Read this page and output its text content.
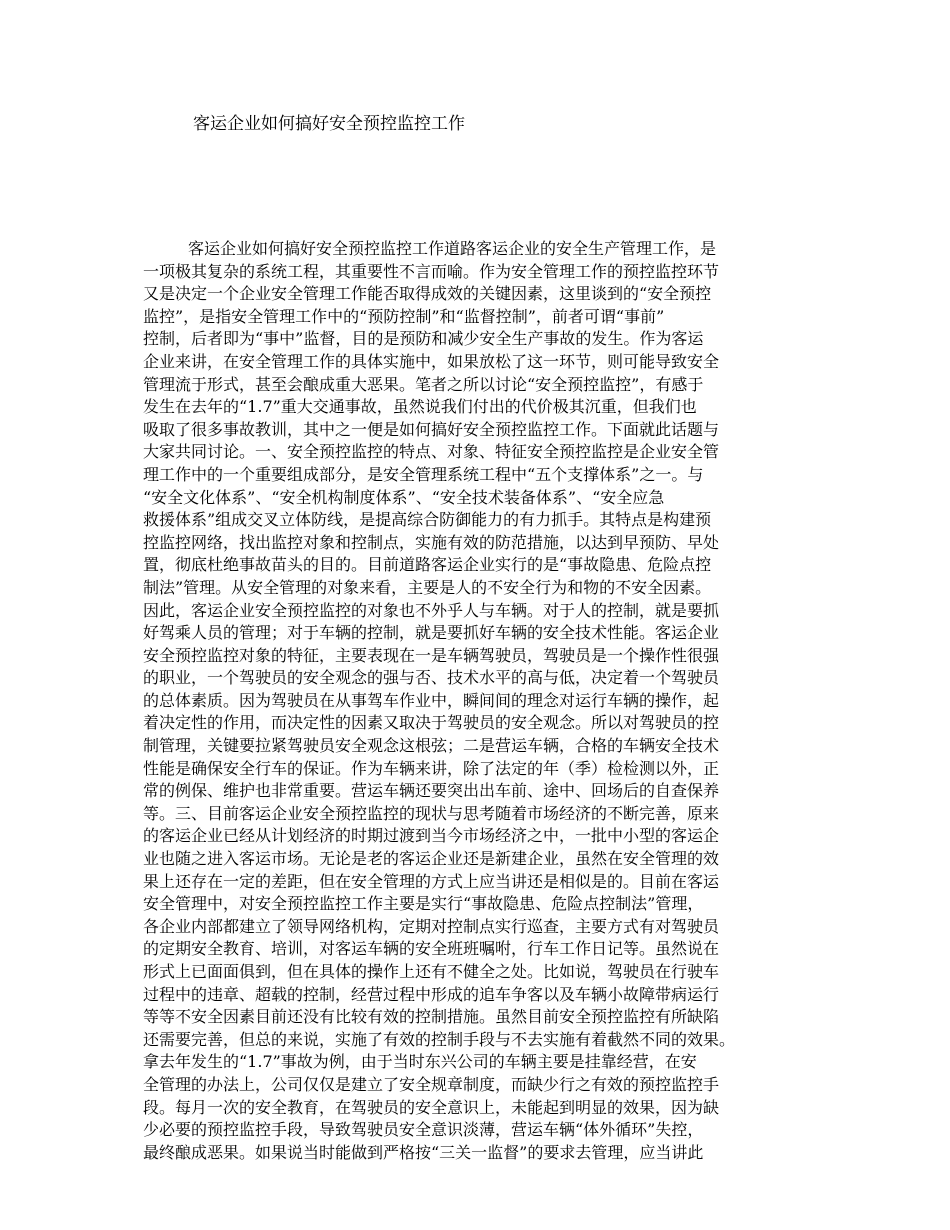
客运企业如何搞好安全预控监控工作
客运企业如何搞好安全预控监控工作道路客运企业的安全生产管理工作，是
一项极其复杂的系统工程，其重要性不言而喻。作为安全管理工作的预控监控环节
又是决定一个企业安全管理工作能否取得成效的关键因素，这里谈到的“安全预控
监控”，是指安全管理工作中的“预防控制”和“监督控制”，前者可谓“事前”
控制，后者即为“事中”监督，目的是预防和减少安全生产事故的发生。作为客运
企业来讲，在安全管理工作的具体实施中，如果放松了这一环节，则可能导致安全
管理流于形式，甚至会酿成重大恶果。笔者之所以讨论“安全预控监控”，有感于
发生在去年的“1.7”重大交通事故，虽然说我们付出的代价极其沉重，但我们也
吸取了很多事故教训，其中之一便是如何搞好安全预控监控工作。下面就此话题与
大家共同讨论。一、安全预控监控的特点、对象、特征安全预控监控是企业安全管
理工作中的一个重要组成部分，是安全管理系统工程中“五个支撑体系”之一。与
“安全文化体系”、“安全机构制度体系”、“安全技术装备体系”、“安全应急
救援体系”组成交叉立体防线，是提高综合防御能力的有力抓手。其特点是构建预
控监控网络，找出监控对象和控制点，实施有效的防范措施，以达到早预防、早处
置，彻底杜绝事故苗头的目的。目前道路客运企业实行的是“事故隐患、危险点控
制法”管理。从安全管理的对象来看，主要是人的不安全行为和物的不安全因素。
因此，客运企业安全预控监控的对象也不外乎人与车辆。对于人的控制，就是要抓
好驾乘人员的管理；对于车辆的控制，就是要抓好车辆的安全技术性能。客运企业
安全预控监控对象的特征，主要表现在一是车辆驾驶员，驾驶员是一个操作性很强
的职业，一个驾驶员的安全观念的强与否、技术水平的高与低，决定着一个驾驶员
的总体素质。因为驾驶员在从事驾车作业中，瞬间间的理念对运行车辆的操作，起
着决定性的作用，而决定性的因素又取决于驾驶员的安全观念。所以对驾驶员的控
制管理，关键要拉紧驾驶员安全观念这根弦；二是营运车辆，合格的车辆安全技术
性能是确保安全行车的保证。作为车辆来讲，除了法定的年（季）检检测以外，正
常的例保、维护也非常重要。营运车辆还要突出出车前、途中、回场后的自查保养
等。三、目前客运企业安全预控监控的现状与思考随着市场经济的不断完善，原来
的客运企业已经从计划经济的时期过渡到当今市场经济之中，一批中小型的客运企
业也随之进入客运市场。无论是老的客运企业还是新建企业，虽然在安全管理的效
果上还存在一定的差距，但在安全管理的方式上应当讲还是相似是的。目前在客运
安全管理中，对安全预控监控工作主要是实行“事故隐患、危险点控制法”管理，
各企业内部都建立了领导网络机构，定期对控制点实行巡查，主要方式有对驾驶员
的定期安全教育、培训，对客运车辆的安全班班嘱咐，行车工作日记等。虽然说在
形式上已面面俱到，但在具体的操作上还有不健全之处。比如说，驾驶员在行驶车
过程中的违章、超载的控制，经营过程中形成的追车争客以及车辆小故障带病运行
等等不安全因素目前还没有比较有效的控制措施。虽然目前安全预控监控有所缺陷
还需要完善，但总的来说，实施了有效的控制手段与不去实施有着截然不同的效果。
拿去年发生的“1.7”事故为例，由于当时东兴公司的车辆主要是挂靠经营，在安
全管理的办法上，公司仅仅是建立了安全规章制度，而缺少行之有效的预控监控手
段。每月一次的安全教育，在驾驶员的安全意识上，未能起到明显的效果，因为缺
少必要的预控监控手段，导致驾驶员安全意识淡薄，营运车辆“体外循环”失控，
最终酿成恶果。如果说当时能做到严格按“三关一监督”的要求去管理，应当讲此
